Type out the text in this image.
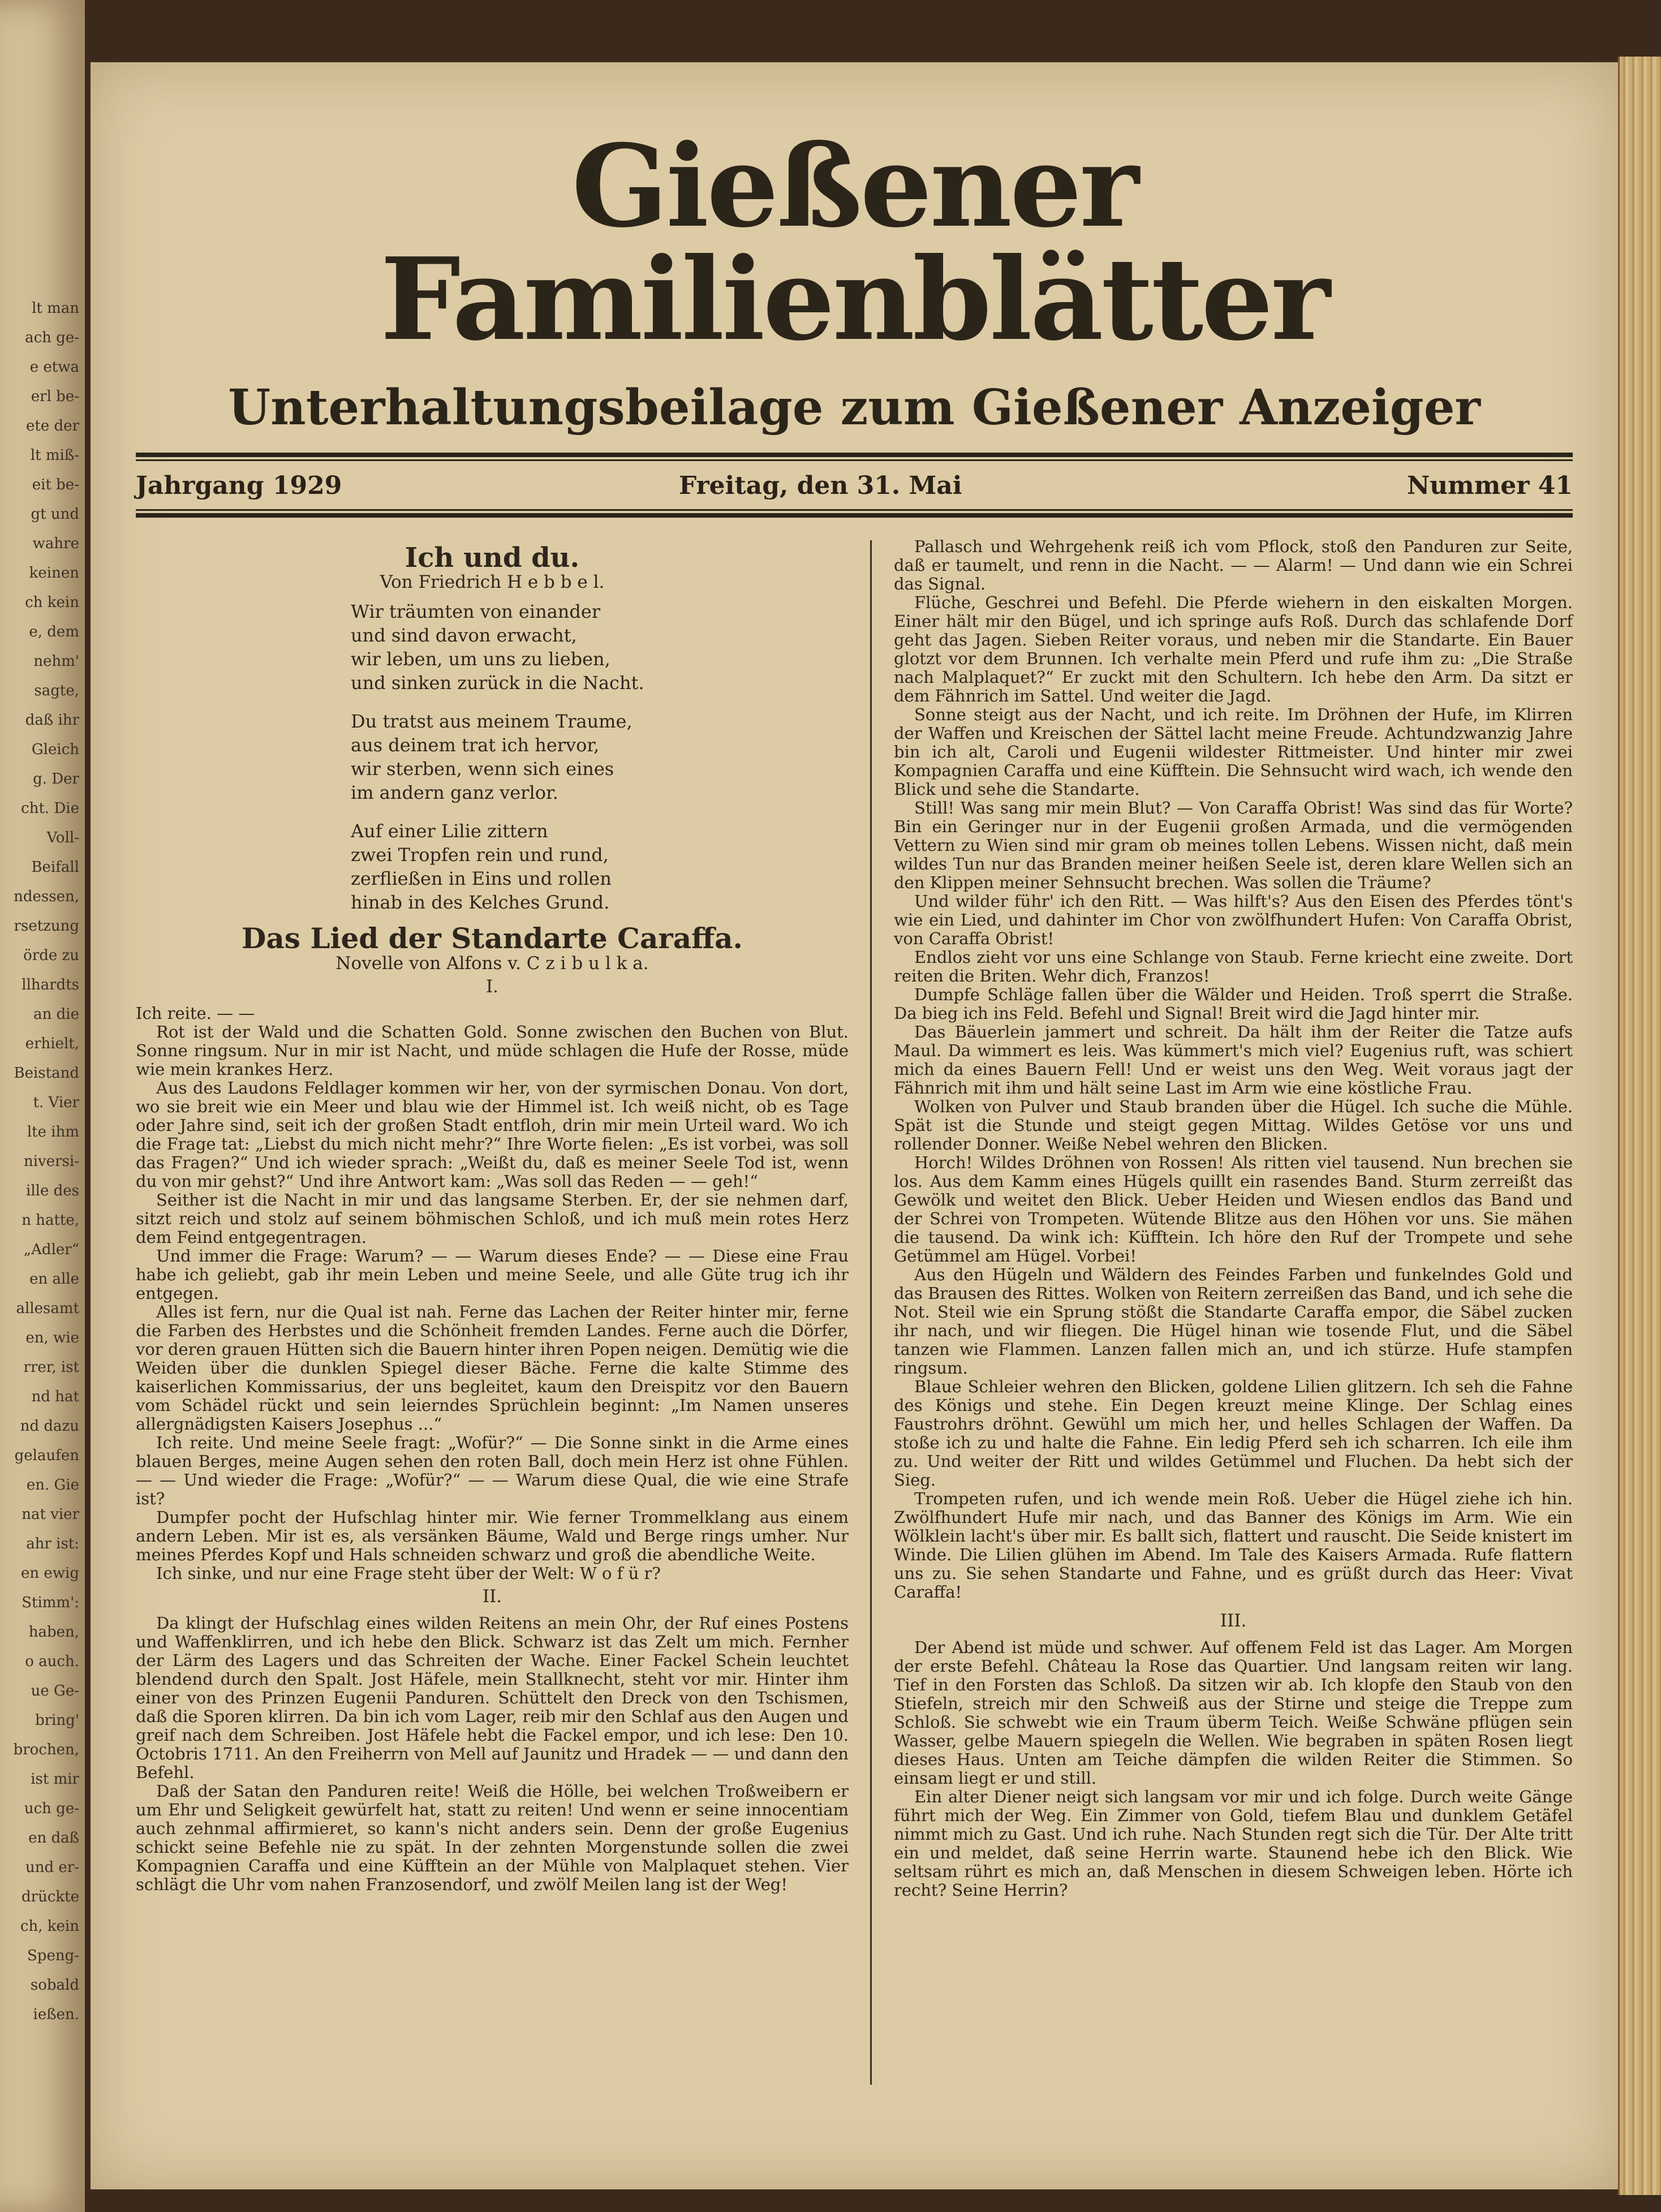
lt man
ach ge-
e etwa
erl be-
ete der
lt miß-
eit be-
gt und
wahre
keinen
ch kein
e, dem
nehm'
sagte,
daß ihr
Gleich
g. Der
cht. Die
Voll-
Beifall
ndessen,
rsetzung
örde zu
llhardts
an die
erhielt,
Beistand
t. Vier
lte ihm
niversi-
ille des
n hatte,
„Adler“
en alle
allesamt
en, wie
rrer, ist
nd hat
nd dazu
gelaufen
en. Gie
nat vier
ahr ist:
en ewig
Stimm':
haben,
o auch.
ue Ge-
bring'
brochen,
ist mir
uch ge-
en daß
und er-
drückte
ch, kein
Speng-
sobald
ießen.
Gießener Familienblätter
Unterhaltungsbeilage zum Gießener Anzeiger
Jahrgang 1929	Freitag, den 31. Mai	Nummer 41
Ich und du.
Von Friedrich H e b b e l.
Wir träumten von einander
und sind davon erwacht,
wir leben, um uns zu lieben,
und sinken zurück in die Nacht.
Du tratst aus meinem Traume,
aus deinem trat ich hervor,
wir sterben, wenn sich eines
im andern ganz verlor.
Auf einer Lilie zittern
zwei Tropfen rein und rund,
zerfließen in Eins und rollen
hinab in des Kelches Grund.
Das Lied der Standarte Caraffa.
Novelle von Alfons v. C z i b u l k a.
I.

Ich reite. — —

Rot ist der Wald und die Schatten Gold. Sonne zwischen den Buchen von Blut. Sonne ringsum. Nur in mir ist Nacht, und müde schlagen die Hufe der Rosse, müde wie mein krankes Herz.

Aus des Laudons Feldlager kommen wir her, von der syrmischen Donau. Von dort, wo sie breit wie ein Meer und blau wie der Himmel ist. Ich weiß nicht, ob es Tage oder Jahre sind, seit ich der großen Stadt entfloh, drin mir mein Urteil ward. Wo ich die Frage tat: „Liebst du mich nicht mehr?“ Ihre Worte fielen: „Es ist vorbei, was soll das Fragen?“ Und ich wieder sprach: „Weißt du, daß es meiner Seele Tod ist, wenn du von mir gehst?“ Und ihre Antwort kam: „Was soll das Reden — — geh!“

Seither ist die Nacht in mir und das langsame Sterben. Er, der sie nehmen darf, sitzt reich und stolz auf seinem böhmischen Schloß, und ich muß mein rotes Herz dem Feind entgegentragen.

Und immer die Frage: Warum? — — Warum dieses Ende? — — Diese eine Frau habe ich geliebt, gab ihr mein Leben und meine Seele, und alle Güte trug ich ihr entgegen.

Alles ist fern, nur die Qual ist nah. Ferne das Lachen der Reiter hinter mir, ferne die Farben des Herbstes und die Schönheit fremden Landes. Ferne auch die Dörfer, vor deren grauen Hütten sich die Bauern hinter ihren Popen neigen. Demütig wie die Weiden über die dunklen Spiegel dieser Bäche. Ferne die kalte Stimme des kaiserlichen Kommissarius, der uns begleitet, kaum den Dreispitz vor den Bauern vom Schädel rückt und sein leierndes Sprüchlein beginnt: „Im Namen unseres allergnädigsten Kaisers Josephus ...“

Ich reite. Und meine Seele fragt: „Wofür?“ — Die Sonne sinkt in die Arme eines blauen Berges, meine Augen sehen den roten Ball, doch mein Herz ist ohne Fühlen. — — Und wieder die Frage: „Wofür?“ — — Warum diese Qual, die wie eine Strafe ist?

Dumpfer pocht der Hufschlag hinter mir. Wie ferner Trommelklang aus einem andern Leben. Mir ist es, als versänken Bäume, Wald und Berge rings umher. Nur meines Pferdes Kopf und Hals schneiden schwarz und groß die abendliche Weite.

Ich sinke, und nur eine Frage steht über der Welt: W o f ü r?

II.

Da klingt der Hufschlag eines wilden Reitens an mein Ohr, der Ruf eines Postens und Waffenklirren, und ich hebe den Blick. Schwarz ist das Zelt um mich. Fernher der Lärm des Lagers und das Schreiten der Wache. Einer Fackel Schein leuchtet blendend durch den Spalt. Jost Häfele, mein Stallknecht, steht vor mir. Hinter ihm einer von des Prinzen Eugenii Panduren. Schüttelt den Dreck von den Tschismen, daß die Sporen klirren. Da bin ich vom Lager, reib mir den Schlaf aus den Augen und greif nach dem Schreiben. Jost Häfele hebt die Fackel empor, und ich lese: Den 10. Octobris 1711. An den Freiherrn von Mell auf Jaunitz und Hradek — — und dann den Befehl.

Daß der Satan den Panduren reite! Weiß die Hölle, bei welchen Troßweibern er um Ehr und Seligkeit gewürfelt hat, statt zu reiten! Und wenn er seine innocentiam auch zehnmal affirmieret, so kann's nicht anders sein. Denn der große Eugenius schickt seine Befehle nie zu spät. In der zehnten Morgenstunde sollen die zwei Kompagnien Caraffa und eine Küfftein an der Mühle von Malplaquet stehen. Vier schlägt die Uhr vom nahen Franzosendorf, und zwölf Meilen lang ist der Weg!

Pallasch und Wehrgehenk reiß ich vom Pflock, stoß den Panduren zur Seite, daß er taumelt, und renn in die Nacht. — — Alarm! — Und dann wie ein Schrei das Signal.

Flüche, Geschrei und Befehl. Die Pferde wiehern in den eiskalten Morgen. Einer hält mir den Bügel, und ich springe aufs Roß. Durch das schlafende Dorf geht das Jagen. Sieben Reiter voraus, und neben mir die Standarte. Ein Bauer glotzt vor dem Brunnen. Ich verhalte mein Pferd und rufe ihm zu: „Die Straße nach Malplaquet?“ Er zuckt mit den Schultern. Ich hebe den Arm. Da sitzt er dem Fähnrich im Sattel. Und weiter die Jagd.

Sonne steigt aus der Nacht, und ich reite. Im Dröhnen der Hufe, im Klirren der Waffen und Kreischen der Sättel lacht meine Freude. Achtundzwanzig Jahre bin ich alt, Caroli und Eugenii wildester Rittmeister. Und hinter mir zwei Kompagnien Caraffa und eine Küfftein. Die Sehnsucht wird wach, ich wende den Blick und sehe die Standarte.

Still! Was sang mir mein Blut? — Von Caraffa Obrist! Was sind das für Worte? Bin ein Geringer nur in der Eugenii großen Armada, und die vermögenden Vettern zu Wien sind mir gram ob meines tollen Lebens. Wissen nicht, daß mein wildes Tun nur das Branden meiner heißen Seele ist, deren klare Wellen sich an den Klippen meiner Sehnsucht brechen. Was sollen die Träume?

Und wilder führ' ich den Ritt. — Was hilft's? Aus den Eisen des Pferdes tönt's wie ein Lied, und dahinter im Chor von zwölfhundert Hufen: Von Caraffa Obrist, von Caraffa Obrist!

Endlos zieht vor uns eine Schlange von Staub. Ferne kriecht eine zweite. Dort reiten die Briten. Wehr dich, Franzos!

Dumpfe Schläge fallen über die Wälder und Heiden. Troß sperrt die Straße. Da bieg ich ins Feld. Befehl und Signal! Breit wird die Jagd hinter mir.

Das Bäuerlein jammert und schreit. Da hält ihm der Reiter die Tatze aufs Maul. Da wimmert es leis. Was kümmert's mich viel? Eugenius ruft, was schiert mich da eines Bauern Fell! Und er weist uns den Weg. Weit voraus jagt der Fähnrich mit ihm und hält seine Last im Arm wie eine köstliche Frau.

Wolken von Pulver und Staub branden über die Hügel. Ich suche die Mühle. Spät ist die Stunde und steigt gegen Mittag. Wildes Getöse vor uns und rollender Donner. Weiße Nebel wehren den Blicken.

Horch! Wildes Dröhnen von Rossen! Als ritten viel tausend. Nun brechen sie los. Aus dem Kamm eines Hügels quillt ein rasendes Band. Sturm zerreißt das Gewölk und weitet den Blick. Ueber Heiden und Wiesen endlos das Band und der Schrei von Trompeten. Wütende Blitze aus den Höhen vor uns. Sie mähen die tausend. Da wink ich: Küfftein. Ich höre den Ruf der Trompete und sehe Getümmel am Hügel. Vorbei!

Aus den Hügeln und Wäldern des Feindes Farben und funkelndes Gold und das Brausen des Rittes. Wolken von Reitern zerreißen das Band, und ich sehe die Not. Steil wie ein Sprung stößt die Standarte Caraffa empor, die Säbel zucken ihr nach, und wir fliegen. Die Hügel hinan wie tosende Flut, und die Säbel tanzen wie Flammen. Lanzen fallen mich an, und ich stürze. Hufe stampfen ringsum.

Blaue Schleier wehren den Blicken, goldene Lilien glitzern. Ich seh die Fahne des Königs und stehe. Ein Degen kreuzt meine Klinge. Der Schlag eines Faustrohrs dröhnt. Gewühl um mich her, und helles Schlagen der Waffen. Da stoße ich zu und halte die Fahne. Ein ledig Pferd seh ich scharren. Ich eile ihm zu. Und weiter der Ritt und wildes Getümmel und Fluchen. Da hebt sich der Sieg.

Trompeten rufen, und ich wende mein Roß. Ueber die Hügel ziehe ich hin. Zwölfhundert Hufe mir nach, und das Banner des Königs im Arm. Wie ein Wölklein lacht's über mir. Es ballt sich, flattert und rauscht. Die Seide knistert im Winde. Die Lilien glühen im Abend. Im Tale des Kaisers Armada. Rufe flattern uns zu. Sie sehen Standarte und Fahne, und es grüßt durch das Heer: Vivat Caraffa!

III.

Der Abend ist müde und schwer. Auf offenem Feld ist das Lager. Am Morgen der erste Befehl. Château la Rose das Quartier. Und langsam reiten wir lang. Tief in den Forsten das Schloß. Da sitzen wir ab. Ich klopfe den Staub von den Stiefeln, streich mir den Schweiß aus der Stirne und steige die Treppe zum Schloß. Sie schwebt wie ein Traum überm Teich. Weiße Schwäne pflügen sein Wasser, gelbe Mauern spiegeln die Wellen. Wie begraben in späten Rosen liegt dieses Haus. Unten am Teiche dämpfen die wilden Reiter die Stimmen. So einsam liegt er und still.

Ein alter Diener neigt sich langsam vor mir und ich folge. Durch weite Gänge führt mich der Weg. Ein Zimmer von Gold, tiefem Blau und dunklem Getäfel nimmt mich zu Gast. Und ich ruhe. Nach Stunden regt sich die Tür. Der Alte tritt ein und meldet, daß seine Herrin warte. Staunend hebe ich den Blick. Wie seltsam rührt es mich an, daß Menschen in diesem Schweigen leben. Hörte ich recht? Seine Herrin?
